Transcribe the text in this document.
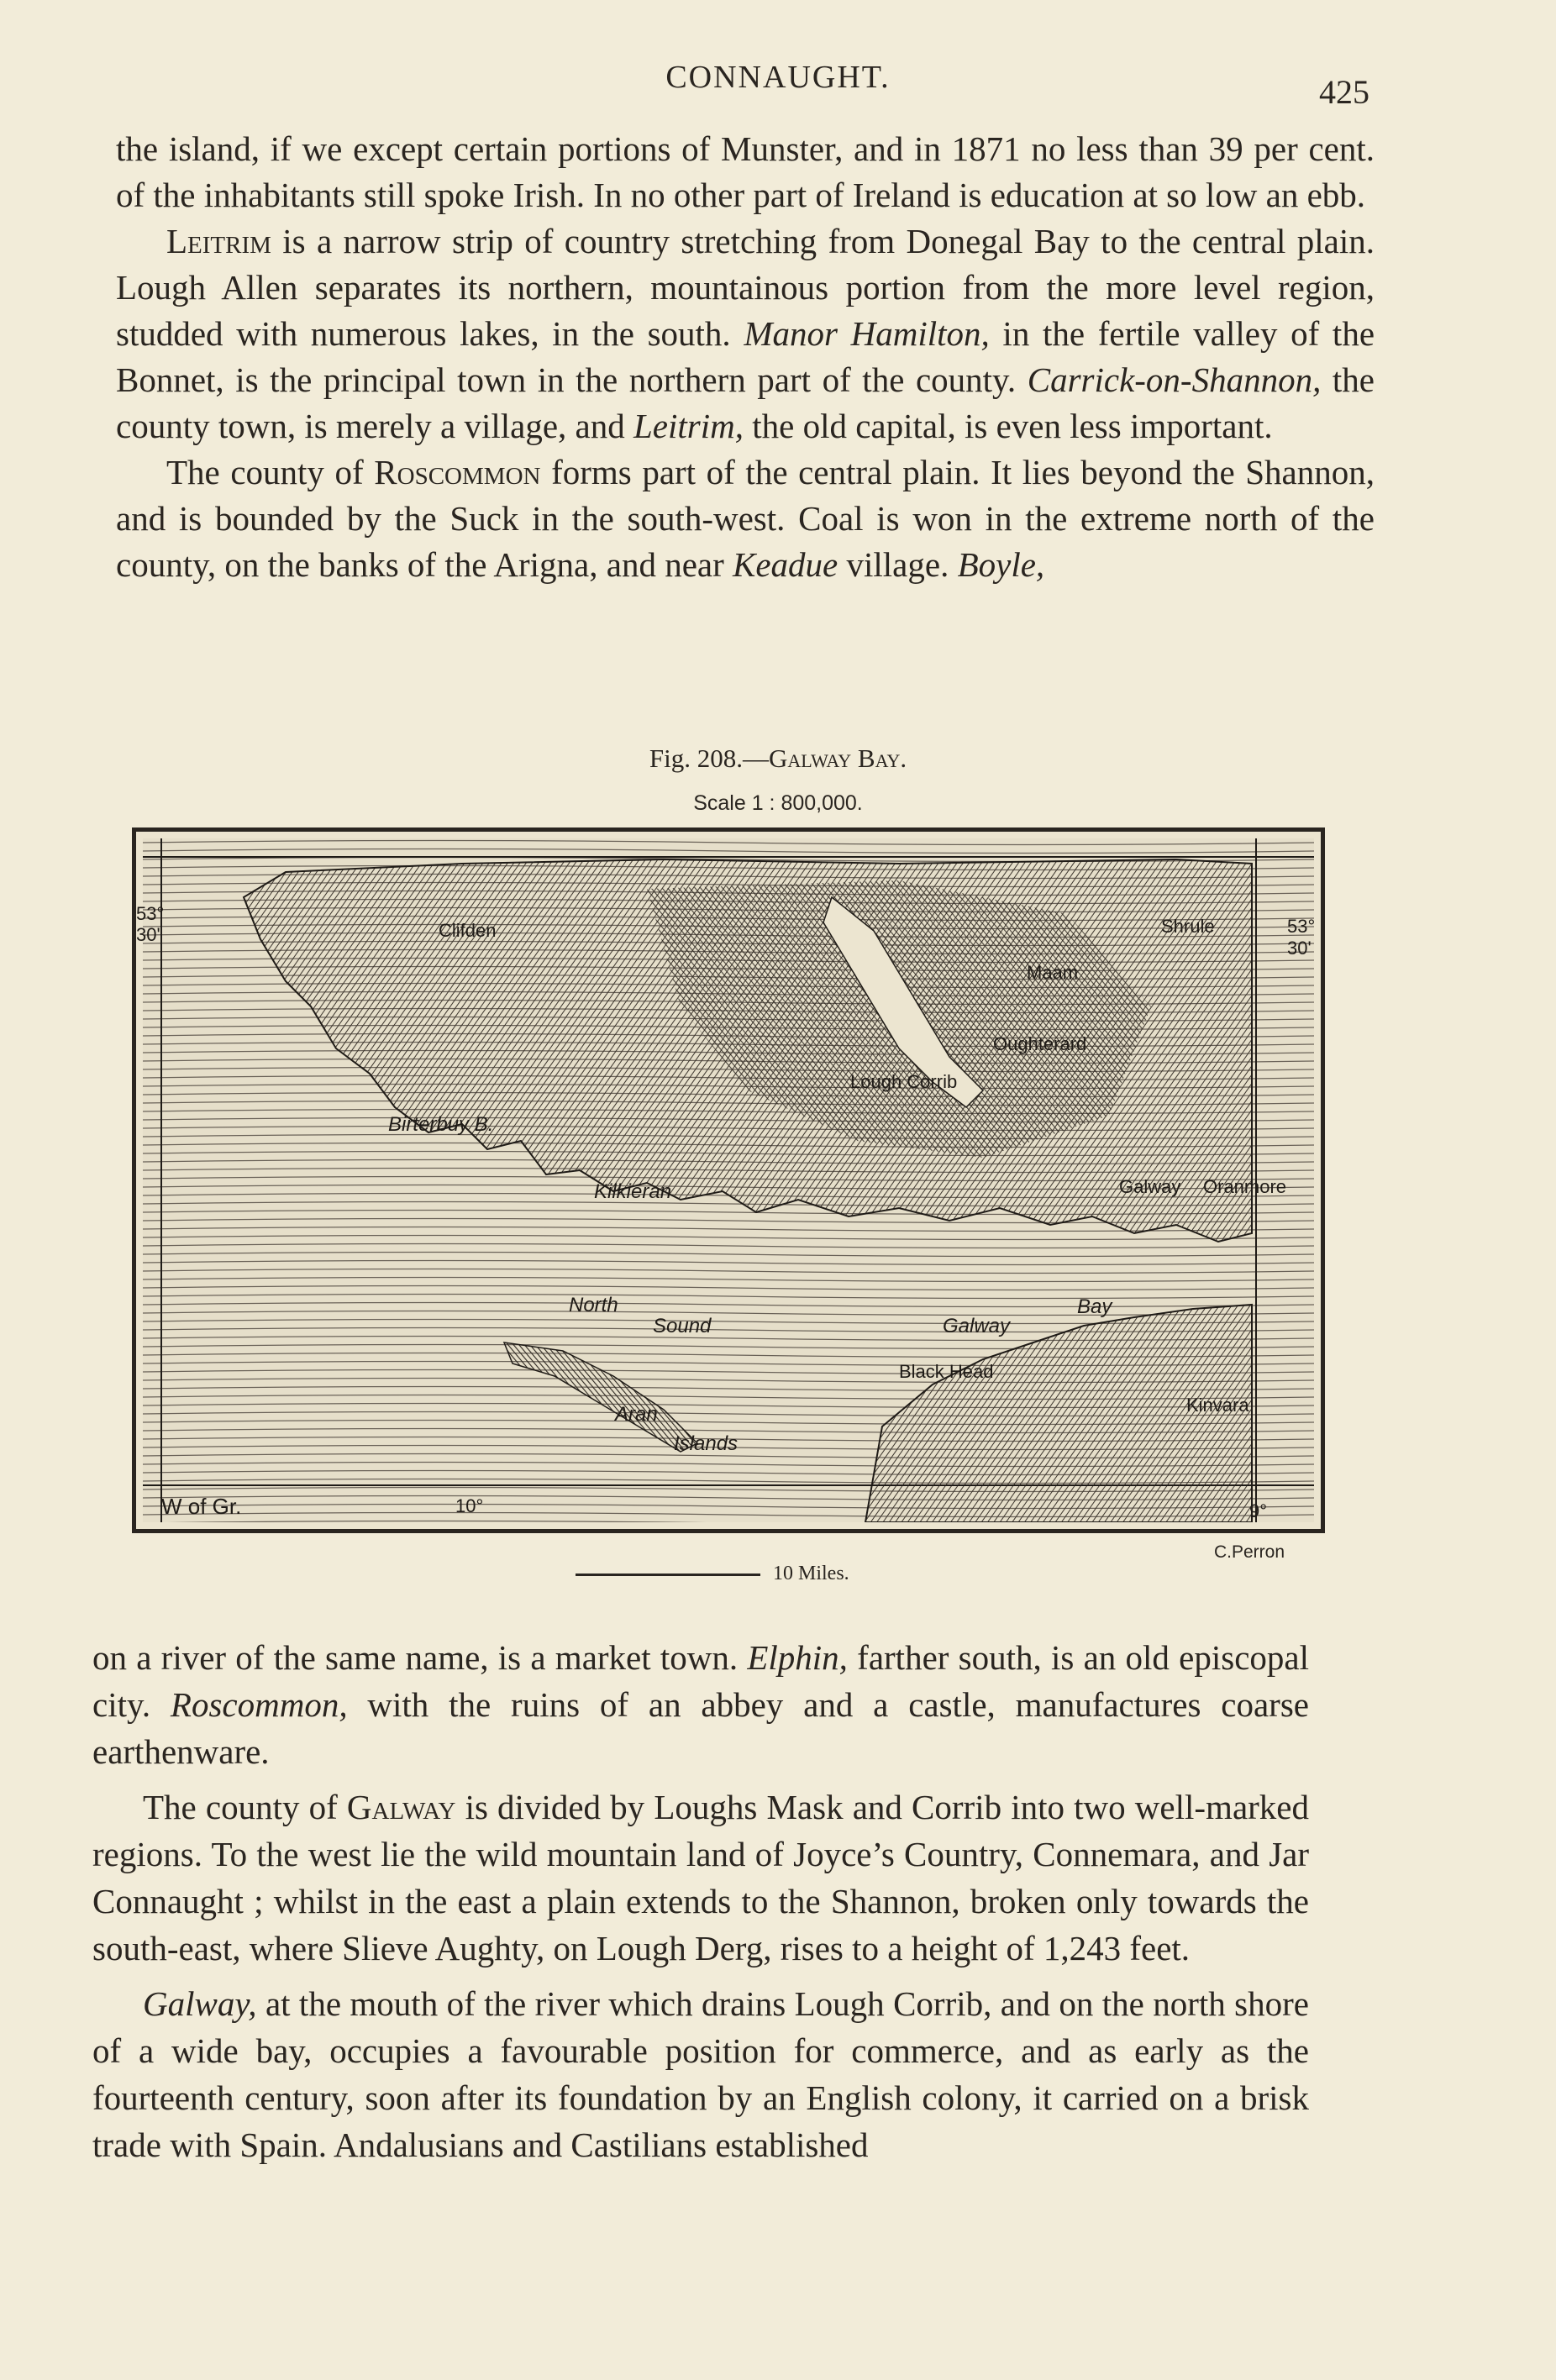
CONNAUGHT.	425

the island, if we except certain portions of Munster, and in 1871 no less than 39 per cent. of the inhabitants still spoke Irish. In no other part of Ireland is education at so low an ebb.

Leitrim is a narrow strip of country stretching from Donegal Bay to the central plain. Lough Allen separates its northern, mountainous portion from the more level region, studded with numerous lakes, in the south. Manor Hamilton, in the fertile valley of the Bonnet, is the principal town in the northern part of the county. Carrick-on-Shannon, the county town, is merely a village, and Leitrim, the old capital, is even less important.

The county of Roscommon forms part of the central plain. It lies beyond the Shannon, and is bounded by the Suck in the south-west. Coal is won in the extreme north of the county, on the banks of the Arigna, and near Keadue village. Boyle,

Fig. 208.—Galway Bay.
Scale 1 : 800,000.
53°
30'	53°
30'
W of Gr.	10°	9°
Clifden	Shrule
Oughterard
Birterbuy B.
Kilkieran	Galway Oranmore
North
Sound	Galway
Bay
Black Head
Kinvara
Aran
Islands
Maam
Lough Corrib
C.Perron
10 Miles.

on a river of the same name, is a market town. Elphin, farther south, is an old episcopal city. Roscommon, with the ruins of an abbey and a castle, manufactures coarse earthenware.

The county of Galway is divided by Loughs Mask and Corrib into two well-marked regions. To the west lie the wild mountain land of Joyce’s Country, Connemara, and Jar Connaught ; whilst in the east a plain extends to the Shannon, broken only towards the south-east, where Slieve Aughty, on Lough Derg, rises to a height of 1,243 feet.

Galway, at the mouth of the river which drains Lough Corrib, and on the north shore of a wide bay, occupies a favourable position for commerce, and as early as the fourteenth century, soon after its foundation by an English colony, it carried on a brisk trade with Spain. Andalusians and Castilians established
